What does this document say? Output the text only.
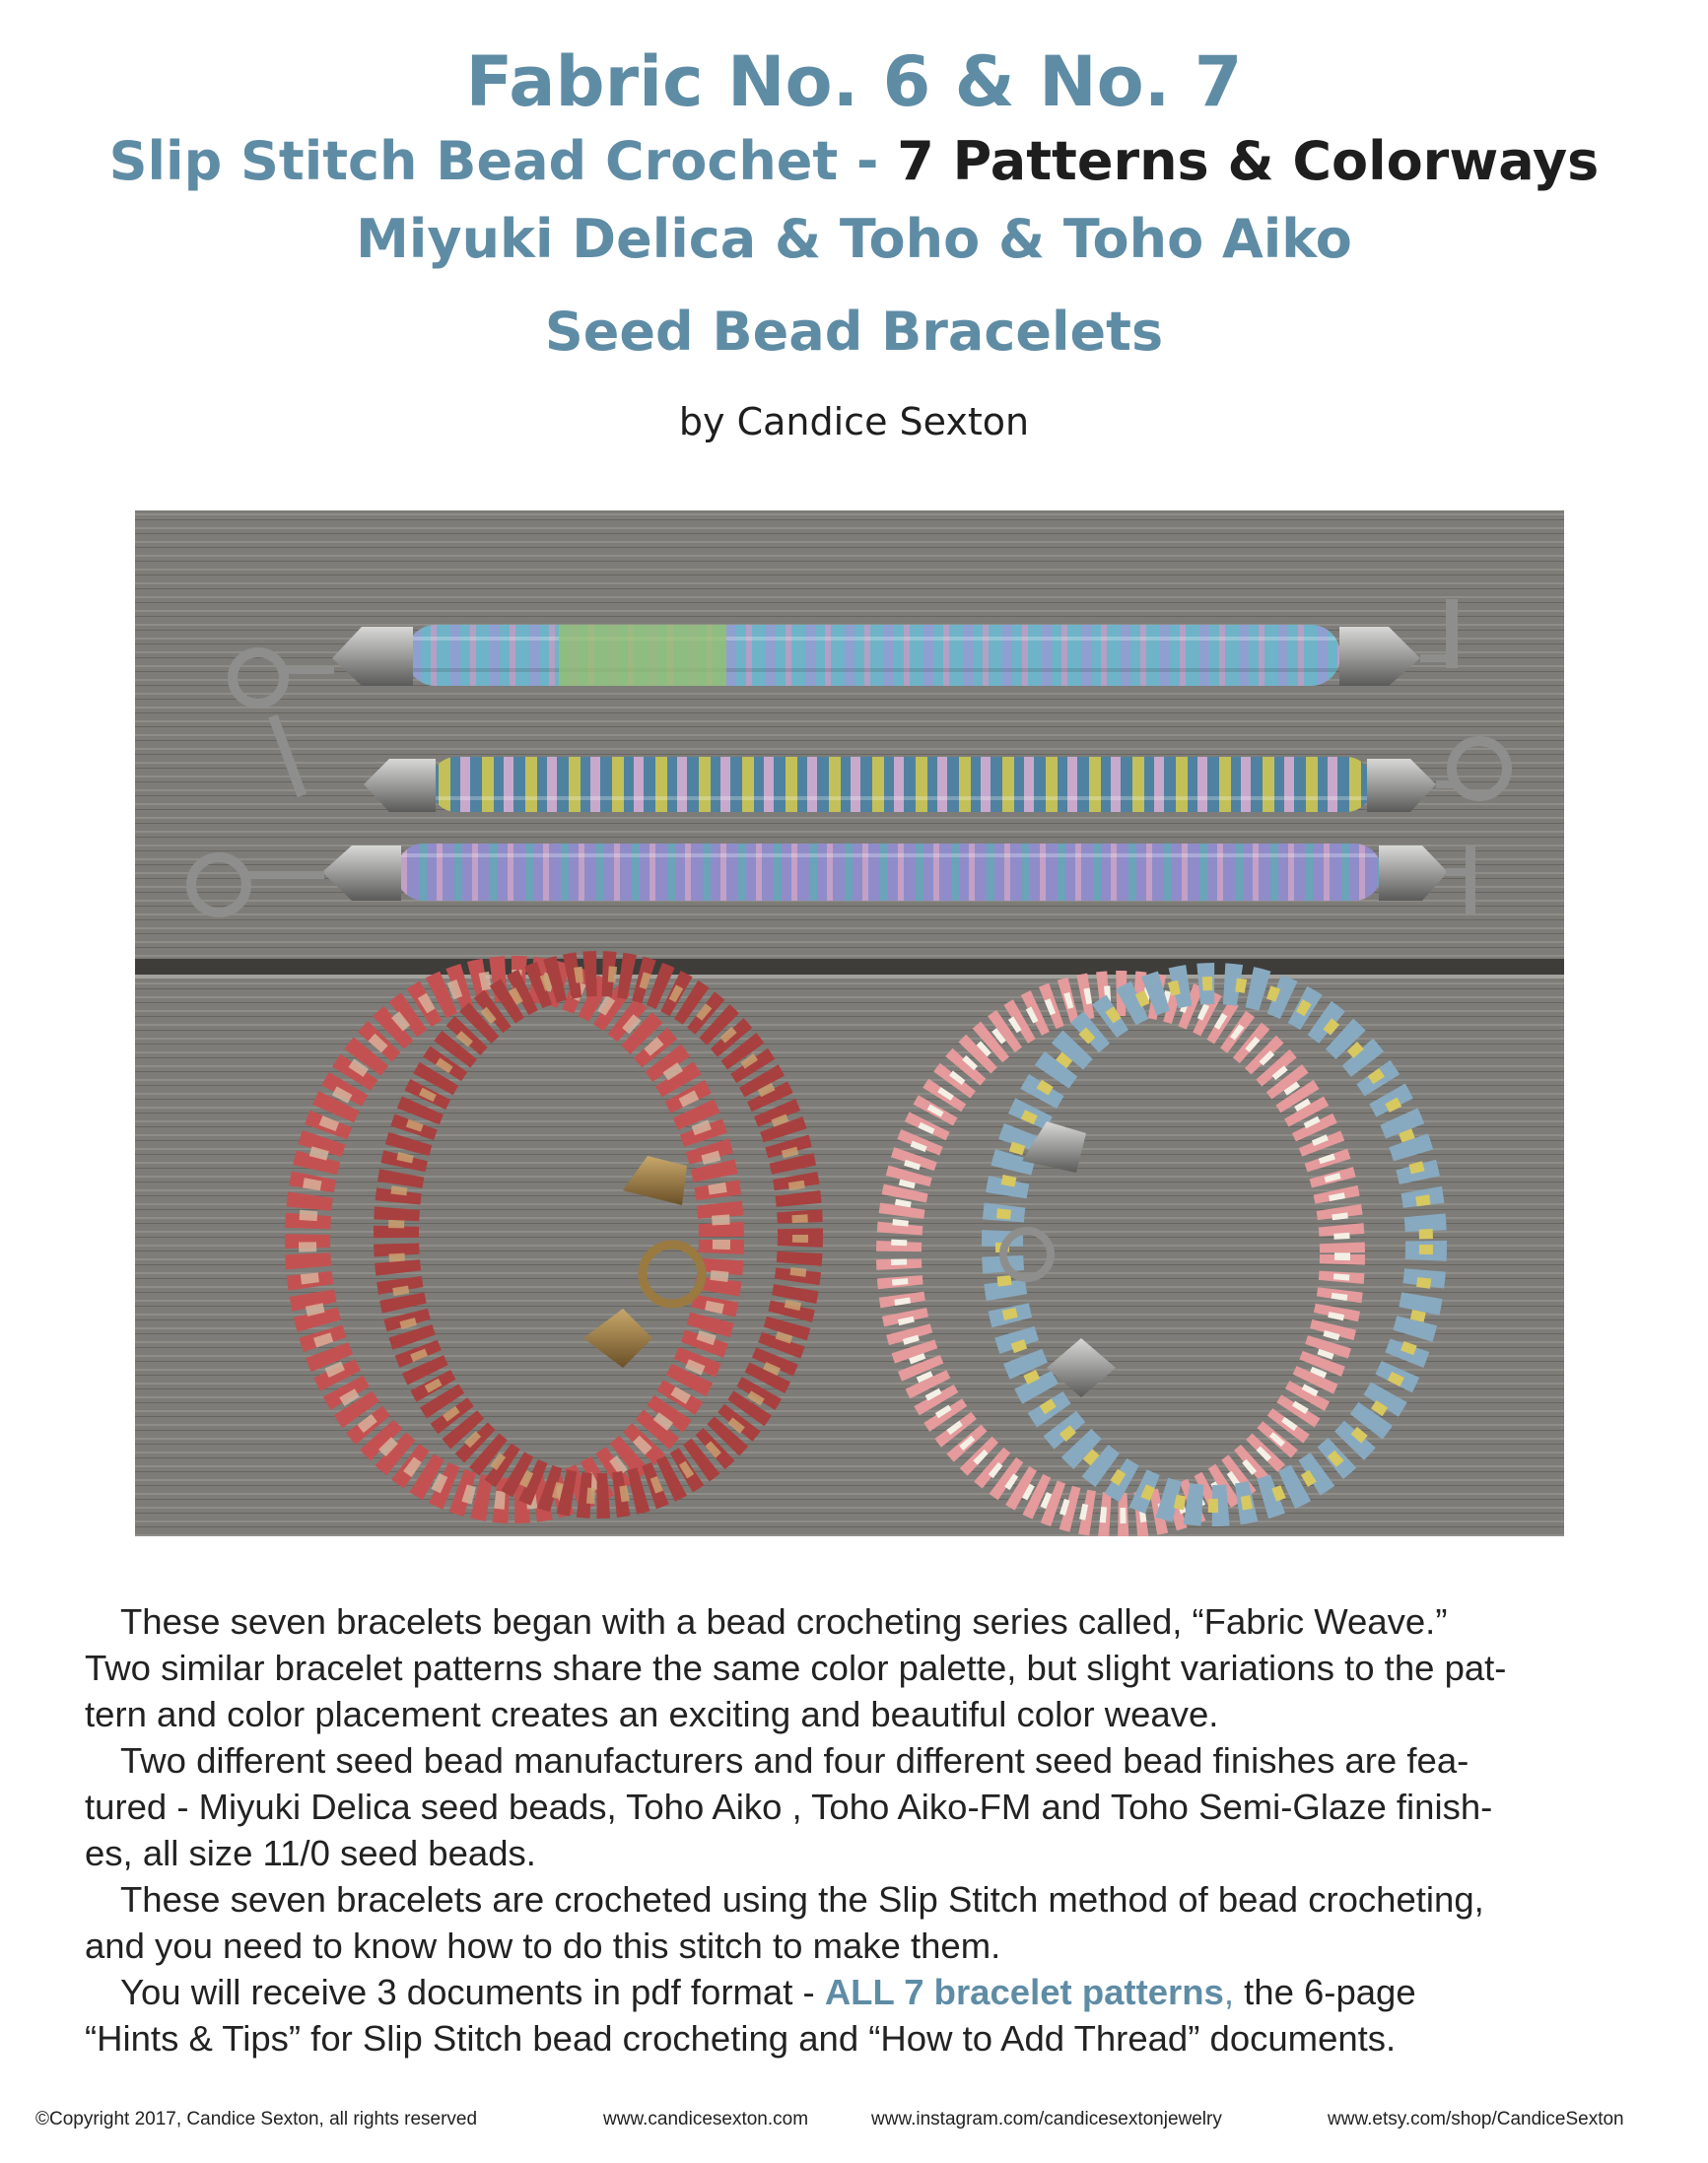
Fabric No. 6 & No. 7
Slip Stitch Bead Crochet - 7 Patterns & Colorways
Miyuki Delica & Toho & Toho Aiko
Seed Bead Bracelets
by Candice Sexton

These seven bracelets began with a bead crocheting series called, “Fabric Weave.”

Two similar bracelet patterns share the same color palette, but slight variations to the pat-

tern and color placement creates an exciting and beautiful color weave.

Two different seed bead manufacturers and four different seed bead finishes are fea-

tured - Miyuki Delica seed beads, Toho Aiko , Toho Aiko-FM and Toho Semi-Glaze finish-

es, all size 11/0 seed beads.

These seven bracelets are crocheted using the Slip Stitch method of bead crocheting,

and you need to know how to do this stitch to make them.

You will receive 3 documents in pdf format - ALL 7 bracelet patterns, the 6-page

“Hints & Tips” for Slip Stitch bead crocheting and “How to Add Thread” documents.

©Copyright 2017, Candice Sexton, all rights reserved	www.candicesexton.com	www.instagram.com/candicesextonjewelry	www.etsy.com/shop/CandiceSexton
